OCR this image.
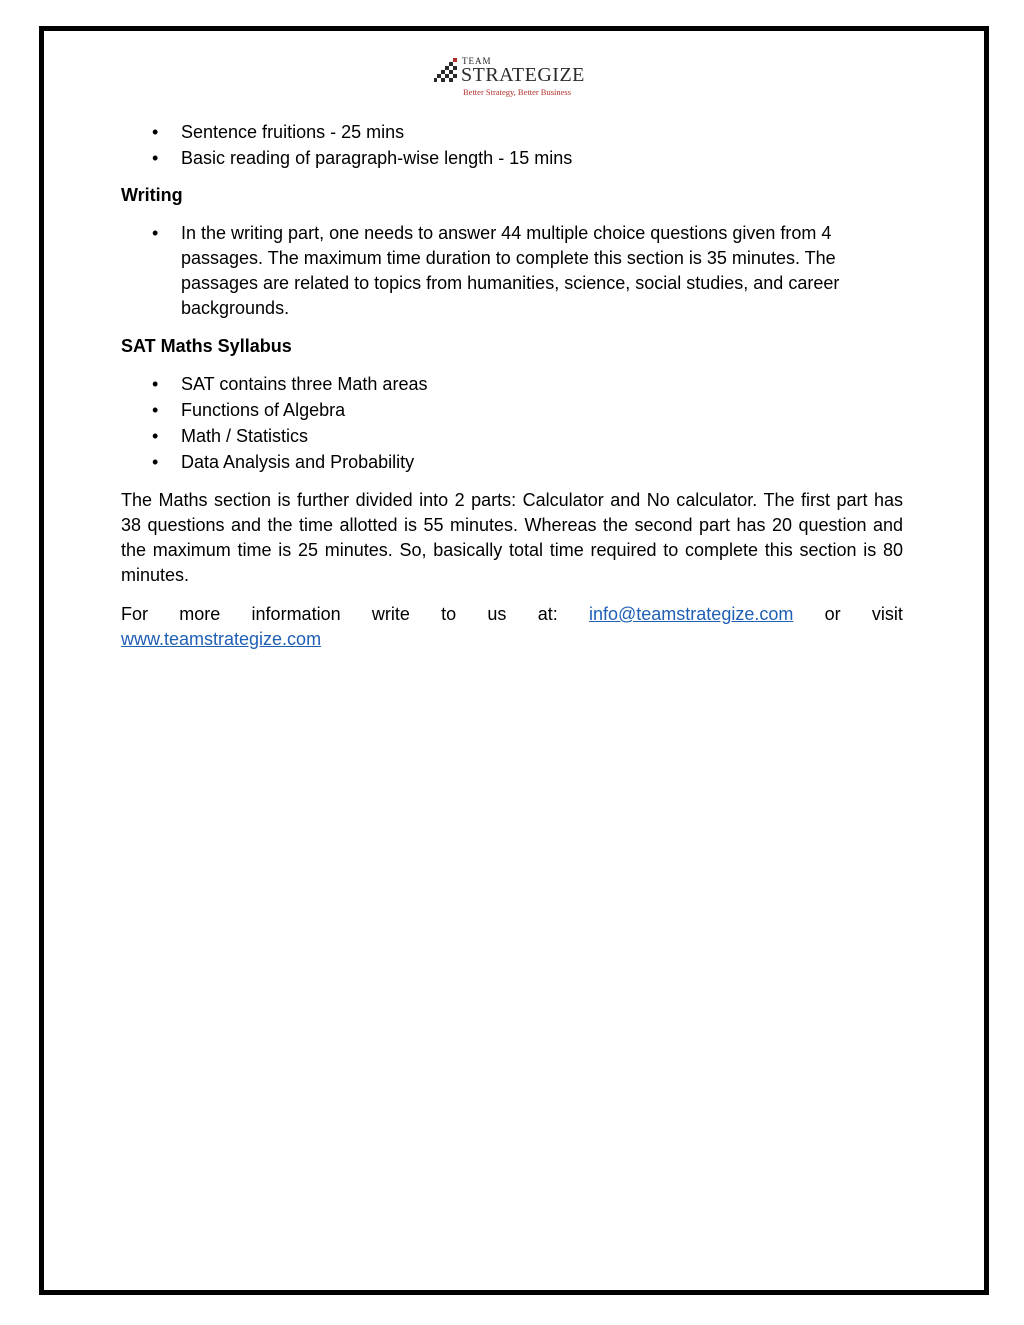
TEAM
STRATEGIZE
Better Strategy, Better Business
•	Sentence fruitions - 25 mins
•	Basic reading of paragraph-wise length - 15 mins
Writing
•	In the writing part, one needs to answer 44 multiple choice questions given from 4 passages. The maximum time duration to complete this section is 35 minutes. The passages are related to topics from humanities, science, social studies, and career backgrounds.
SAT Maths Syllabus
•	SAT contains three Math areas
•	Functions of Algebra
•	Math / Statistics
•	Data Analysis and Probability

The Maths section is further divided into 2 parts: Calculator and No calculator. The first part has 38 questions and the time allotted is 55 minutes. Whereas the second part has 20 question and the maximum time is 25 minutes. So, basically total time required to complete this section is 80 minutes.

For more information write to us at: info@teamstrategize.com or visit
www.teamstrategize.com
